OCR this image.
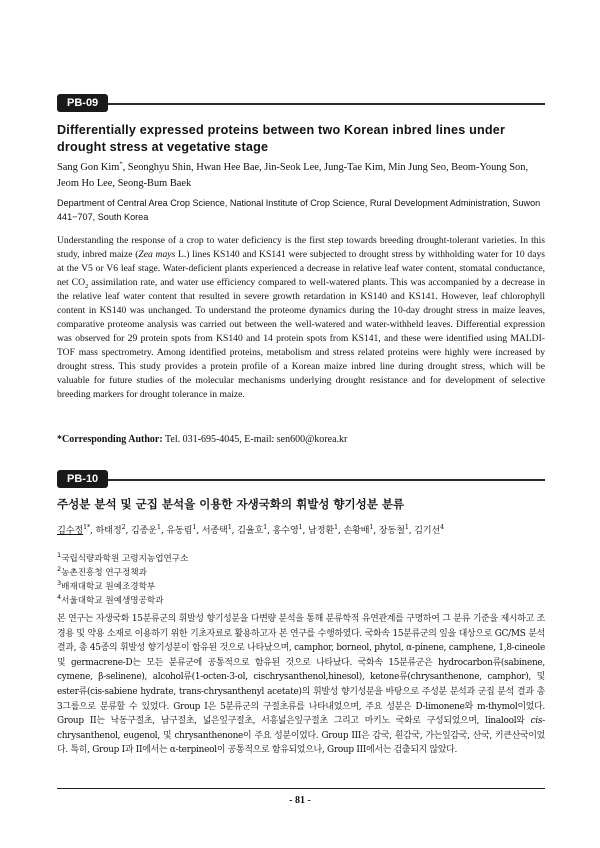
PB-09
Differentially expressed proteins between two Korean inbred lines under drought stress at vegetative stage
Sang Gon Kim*, Seonghyu Shin, Hwan Hee Bae, Jin-Seok Lee, Jung-Tae Kim, Min Jung Seo, Beom-Young Son, Jeom Ho Lee, Seong-Bum Baek
Department of Central Area Crop Science, National Institute of Crop Science, Rural Development Administration, Suwon 441−707, South Korea
Understanding the response of a crop to water deficiency is the first step towards breeding drought-tolerant varieties. In this study, inbred maize (Zea mays L.) lines KS140 and KS141 were subjected to drought stress by withholding water for 10 days at the V5 or V6 leaf stage. Water-deficient plants experienced a decrease in relative leaf water content, stomatal conductance, net $CO_2$ assimilation rate, and water use efficiency compared to well-watered plants. This was accompanied by a decrease in the relative leaf water content that resulted in severe growth retardation in KS140 and KS141. However, leaf chlorophyll content in KS140 was unchanged. To understand the proteome dynamics during the 10-day drought stress in maize leaves, comparative proteome analysis was carried out between the well-watered and water-withheld leaves. Differential expression was observed for 29 protein spots from KS140 and 14 protein spots from KS141, and these were identified using MALDI-TOF mass spectrometry. Among identified proteins, metabolism and stress related proteins were highly were increased by drought stress. This study provides a protein profile of a Korean maize inbred line during drought stress, which will be valuable for future studies of the molecular mechanisms underlying drought resistance and for development of selective breeding markers for drought tolerance in maize.
*Corresponding Author: Tel. 031-695-4045, E-mail: sen600@korea.kr
PB-10
주성분 분석 및 군집 분석을 이용한 자생국화의 휘발성 향기성분 분류
김수정$^{1*}$, 하태정$^2$, 김종운$^1$, 유동림$^1$, 서종택$^1$, 김율호$^1$, 홍수영$^1$, 남정환$^1$, 손황배$^1$, 장동철$^1$, 김기선$^4$
$^1$국립식량과학원 고령지농업연구소
$^2$농촌진흥청 연구정책과
$^3$배재대학교 원예조경학부
$^4$서울대학교 원예생명공학과
본 연구는 자생국화 15분류군의 휘발성 향기성분을 다변량 분석을 통해 분류학적 유연관계를 구명하여 그 분류 기준을 제시하고 조경용 및 약용 소재로 이용하기 위한 기초자료로 활용하고자 본 연구를 수행하였다. 국화속 15분류군의 잎을 대상으로 GC/MS 분석 결과, 총 45종의 휘발성 향기성분이 함유된 것으로 나타났으며, camphor, borneol, phytol, α-pinene, camphene, 1,8-cineole 및 germacrene-D는 모든 분류군에 공통적으로 함유된 것으로 나타났다. 국화속 15분류군은 hydrocarbon류(sabinene, cymene, β-selinene), alcohol류(1-octen-3-ol, cischrysanthenol,hinesol), ketone류(chrysanthenone, camphor), 및 ester류(cis-sabiene hydrate, trans-chrysanthenyl acetate)의 휘발성 향기성분을 바탕으로 주성분 분석과 군집 분석 결과 총 3그룹으로 분류할 수 있었다. Group I은 5분류군의 구절초류를 나타내었으며, 주요 성분은 D-limonene와 m-thymol이었다. Group II는 낙동구절초, 남구절초, 넓은잎구절초, 서흥넓은잎구절초 그리고 마키노 국화로 구성되었으며, linalool와 cis-chrysanthenol, eugenol, 및 chrysanthenone이 주요 성분이었다. Group III은 감국, 흰감국, 가는잎감국, 산국, 키큰산국이었다. 특히, Group I과 II에서는 α-terpineol이 공통적으로 함유되었으나, Group III에서는 검출되지 않았다.
- 81 -
